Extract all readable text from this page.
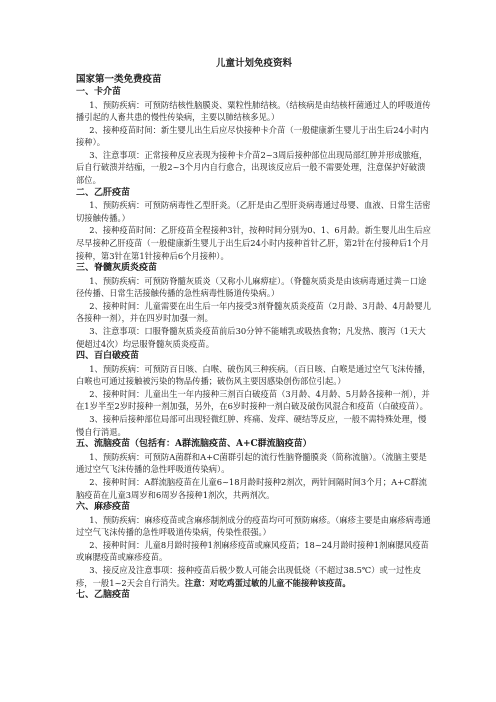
儿童计划免疫资料
国家第一类免费疫苗
一、卡介苗

1、预防疾病：可预防结核性脑膜炎、粟粒性肺结核。（结核病是由结核杆菌通过人的呼吸道传播引起的人畜共患的慢性传染病，主要以肺结核多见。）

2、接种疫苗时间：新生婴儿出生后应尽快接种卡介苗（一般健康新生婴儿于出生后24小时内接种）。

3、注意事项：正常接种反应表现为接种卡介苗2~3周后接种部位出现局部红肿并形成脓疱，后自行破溃并结痂，一般2~3个月内自行愈合，出现该反应后一般不需要处理，注意保护好破溃部位。

二、乙肝疫苗

1、预防疾病：可预防病毒性乙型肝炎。（乙肝是由乙型肝炎病毒通过母婴、血液、日常生活密切接触传播。）

2、接种疫苗时间：乙肝疫苗全程接种3针，按种时间分别为0、1、6月龄。新生婴儿出生后应尽早接种乙肝疫苗（一般健康新生婴儿于出生后24小时内接种首针乙肝，第2针在付接种后1个月接种，第3针在第1针接种后6个月接种）。

三、脊髓灰质炎疫苗

1、预防疾病：可预防脊髓灰质炎（又称小儿麻痹症）。（脊髓灰质炎是由该病毒通过粪－口途径传播、日常生活接触传播的急性病毒性肠道传染病。）

2、接种时间：儿童需要在出生后一年内接受3剂脊髓灰质炎疫苗（2月龄、3月龄、4月龄婴儿各接种一剂），并在四岁时加强一剂。

3、注意事项：口服脊髓灰质炎疫苗前后30分钟不能哺乳或吸热食物；凡发热、腹泻（1天大便超过4次）均忌服脊髓灰质炎疫苗。

四、百白破疫苗

1、预防疾病：可预防百日咳、白喉、破伤风三种疾病。（百日咳、白喉是通过空气飞沫传播，白喉也可通过接触被污染的物品传播；破伤风主要因感染创伤部位引起。）

2、接种时间：儿童出生一年内接种三剂百白破疫苗（3月龄、4月龄、5月龄各接种一剂），并在1岁半至2岁时接种一剂加强，另外，在6岁时接种一剂白破及破伤风混合和疫苗（白破疫苗）。

3、接种后接种部位局部可出现轻微红肿、疼痛、发痒、硬结等反应，一般不需特殊处理，慢慢自行消退。

五、流脑疫苗（包括有：A群流脑疫苗、A+C群流脑疫苗）

1、预防疾病：可预防A菌群和A+C菌群引起的流行性脑脊髓膜炎（简称流脑）。（流脑主要是通过空气飞沫传播的急性呼吸道传染病）。

2、接种时间：A群流脑疫苗在儿童6~18月龄时接种2剂次，两针间隔时间3个月；A+C群流脑疫苗在儿童3周岁和6周岁各接种1剂次，共两剂次。

六、麻疹疫苗

1、预防疾病：麻疹疫苗或含麻疹制剂成分的疫苗均可可预防麻疹。（麻疹主要是由麻疹病毒通过空气飞沫传播的急性呼吸道传染病，传染性很强。）

2、接种时间：儿童8月龄时接种1剂麻疹疫苗或麻风疫苗；18~24月龄时接种1剂麻腮风疫苗或麻腮疫苗或麻疹疫苗。

3、接反应及注意事项：接种疫苗后极少数人可能会出现低烧（不超过38.5℃）或一过性皮疹，一般1~2天会自行消失。注意：对吃鸡蛋过敏的儿童不能接种该疫苗。

七、乙脑疫苗
